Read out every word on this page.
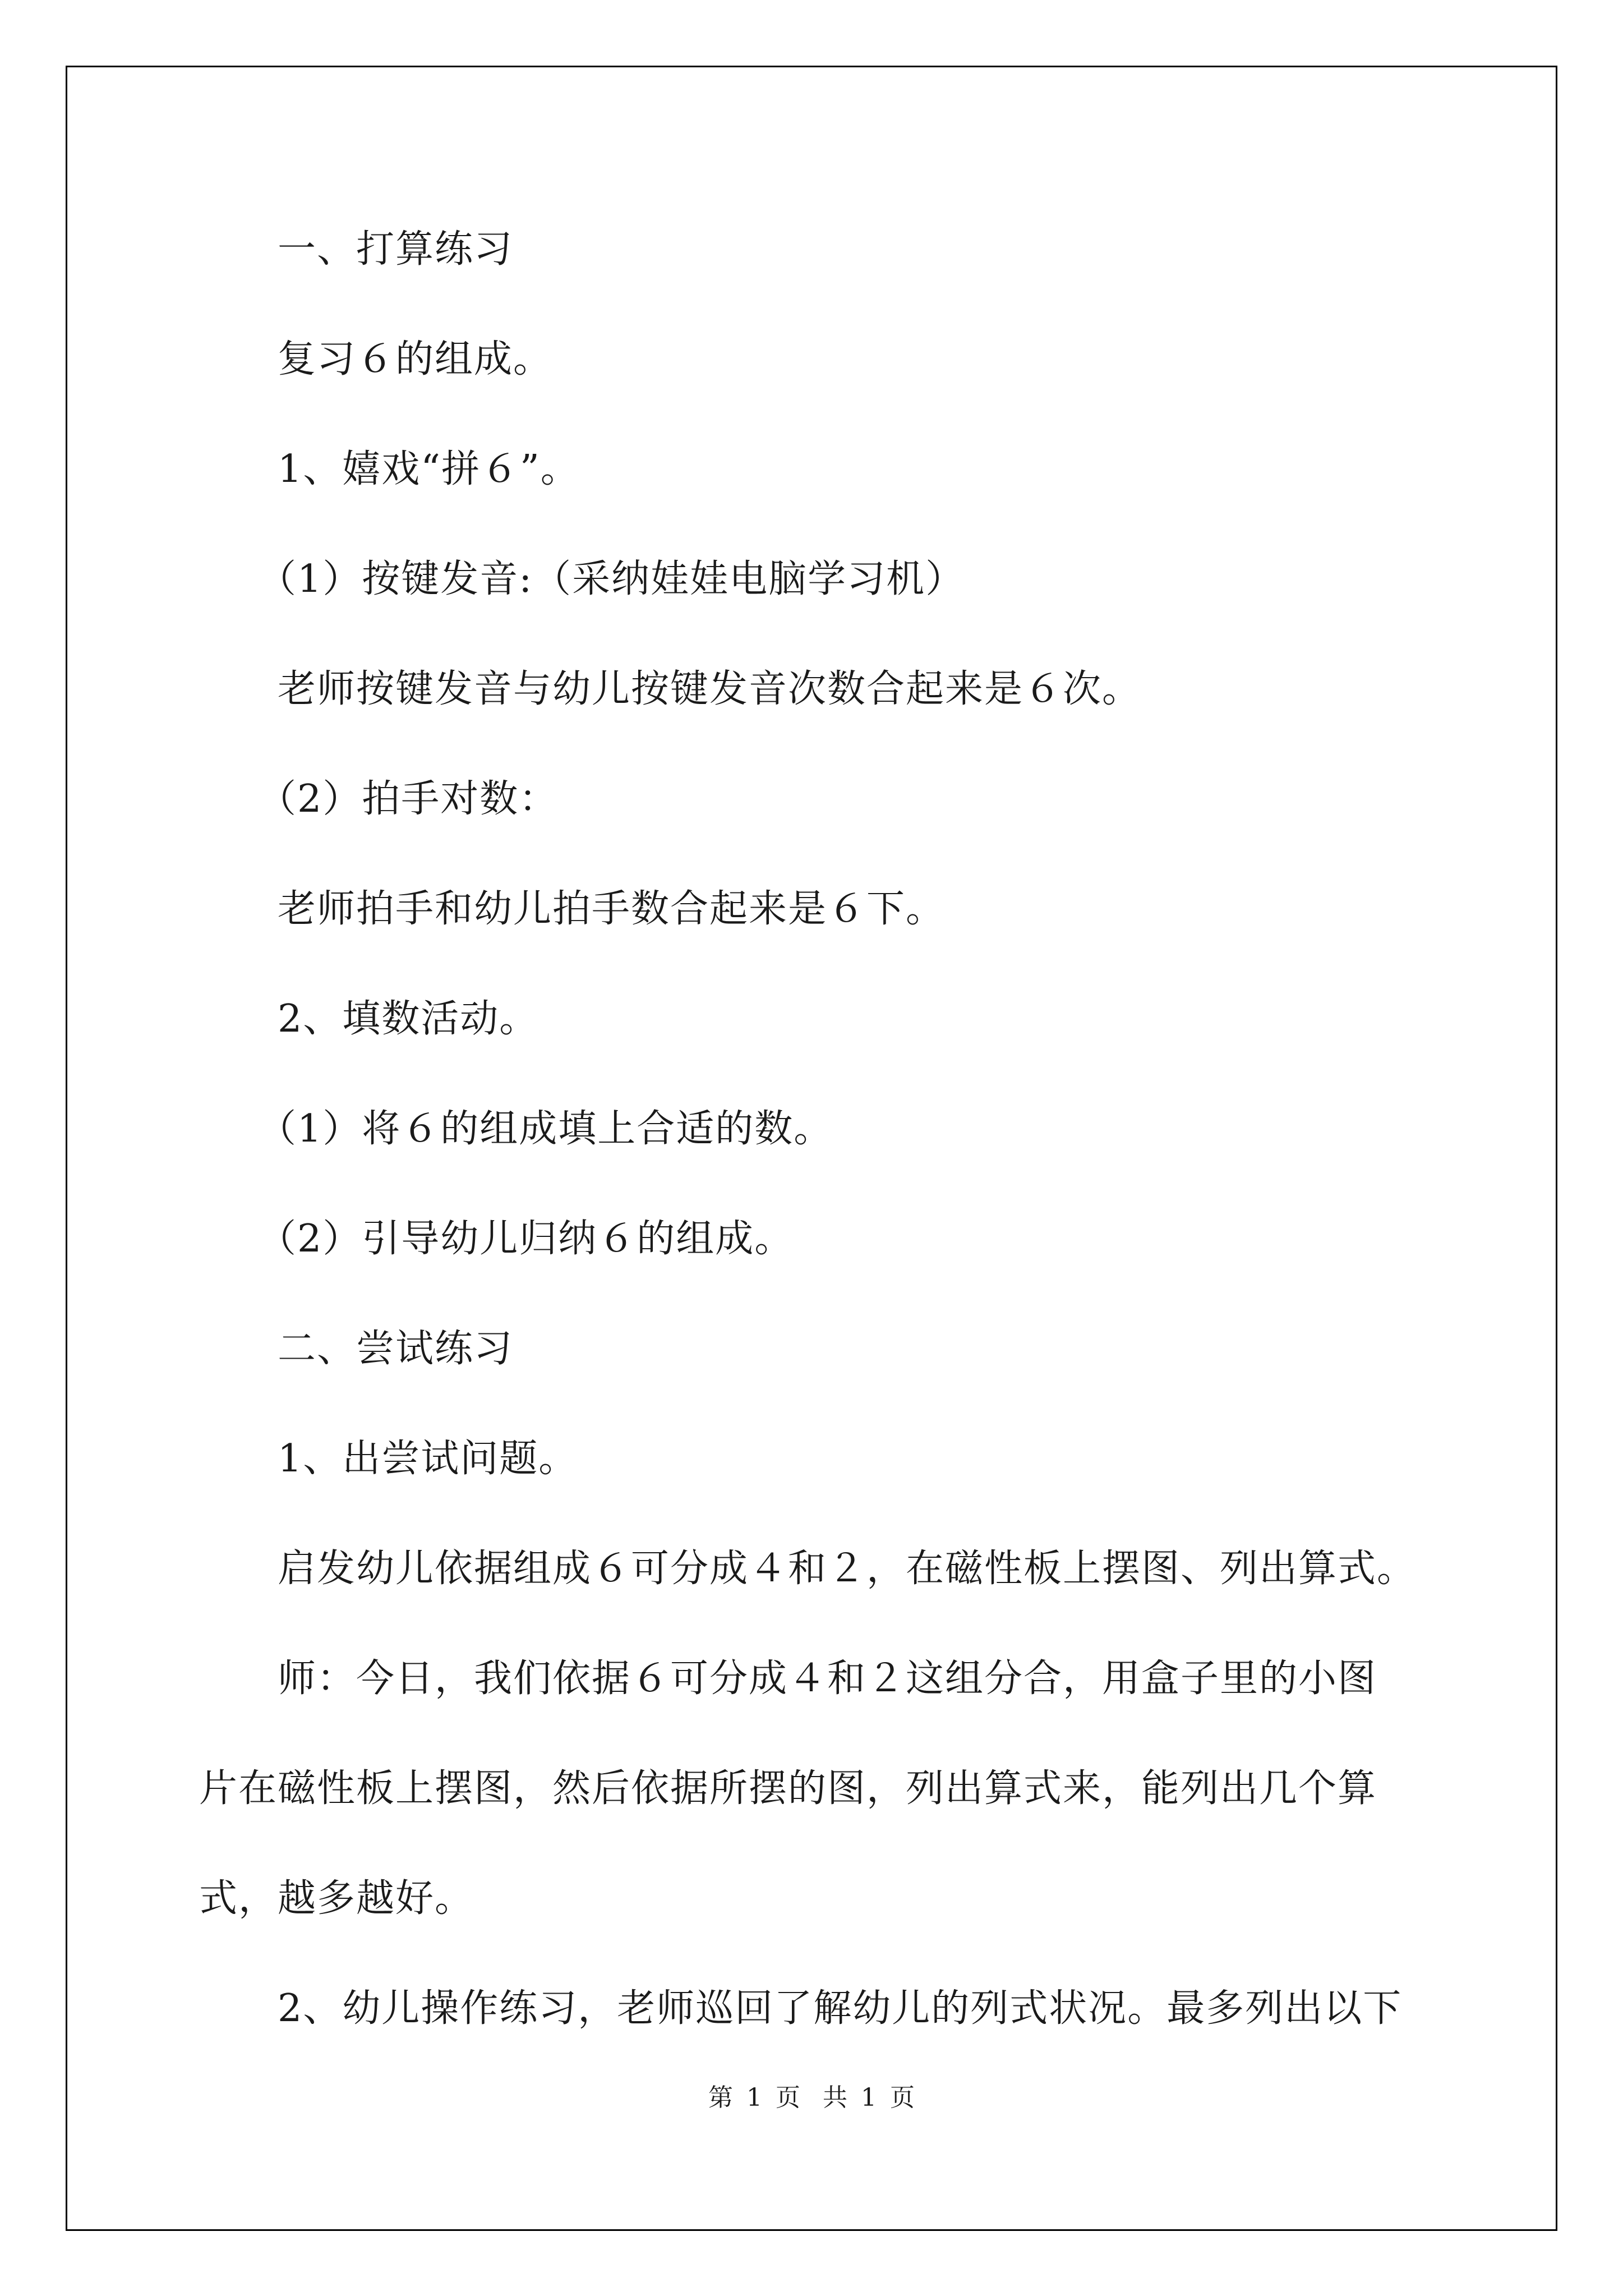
一、打算练习
复习６的组成。
1、嬉戏“拼６”。
（1）按键发音:（采纳娃娃电脑学习机）
老师按键发音与幼儿按键发音次数合起来是６次。
（2）拍手对数：
老师拍手和幼儿拍手数合起来是６下。
2、填数活动。
（1）将６的组成填上合适的数。
（2）引导幼儿归纳６的组成。
二、尝试练习
1、出尝试问题。
启发幼儿依据组成６可分成４和２，在磁性板上摆图、列出算式。
师：今日，我们依据６可分成４和２这组分合，用盒子里的小图
片在磁性板上摆图，然后依据所摆的图，列出算式来，能列出几个算
式，越多越好。
2、幼儿操作练习，老师巡回了解幼儿的列式状况。最多列出以下
第 1 页 共 1 页
